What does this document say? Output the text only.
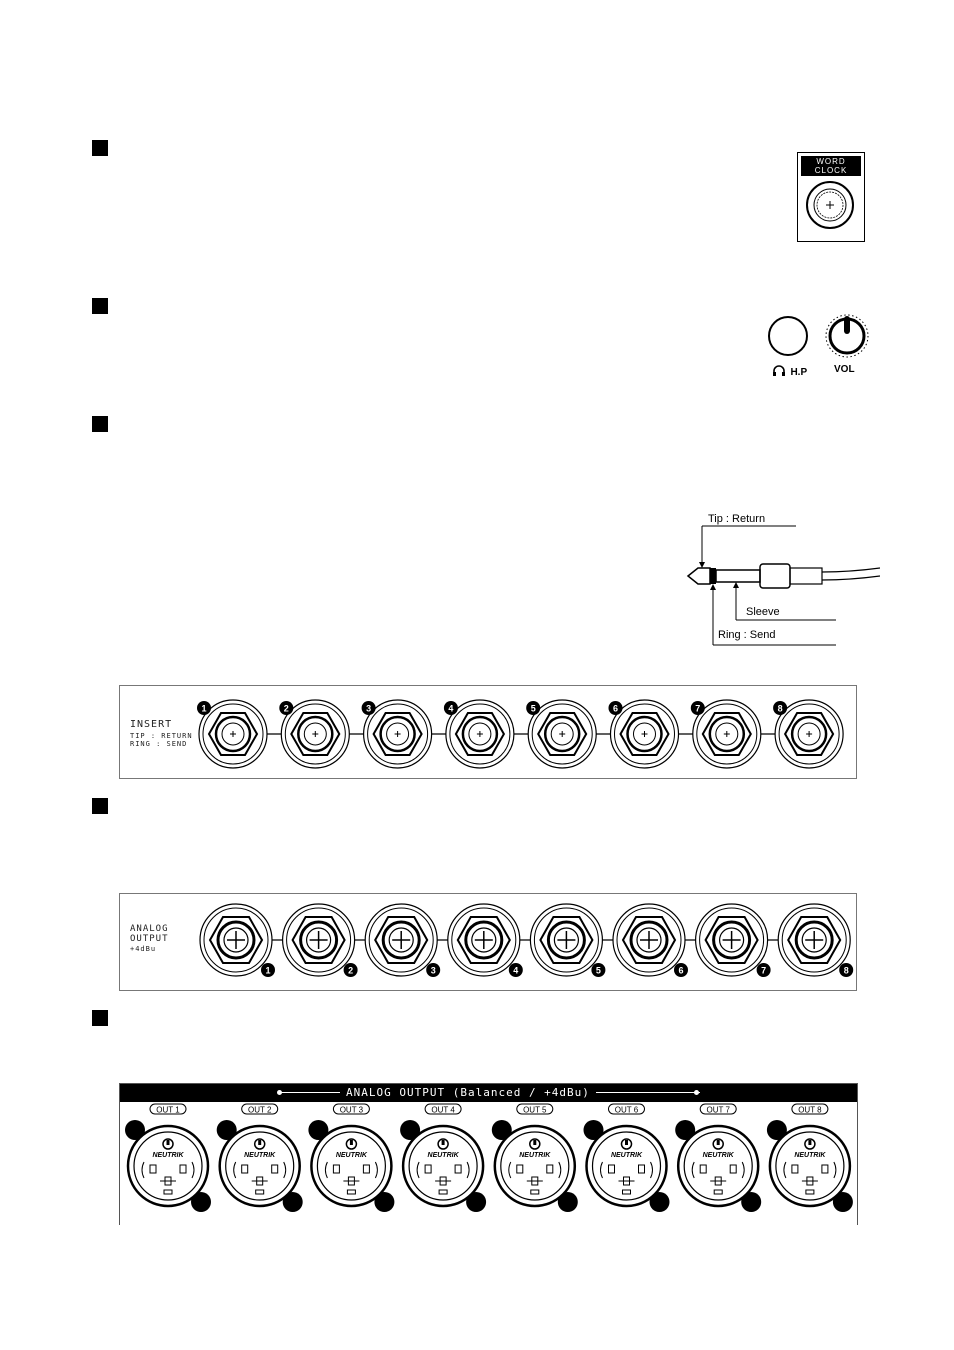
WORD
CLOCK
H.P	VOL
Tip : Return
Sleeve
Ring : Send
INSERT
TIP : RETURN
RING : SEND
1	2	3	4	5	6	7	8
ANALOG
OUTPUT
+4dBu
1	2	3	4	5	6	7	8
ANALOG OUTPUT (Balanced / +4dBu)
OUT 1
NEUTRIK
OUT 2
NEUTRIK
OUT 3
NEUTRIK
OUT 4
NEUTRIK
OUT 5
NEUTRIK
OUT 6
NEUTRIK
OUT 7
NEUTRIK
OUT 8
NEUTRIK
